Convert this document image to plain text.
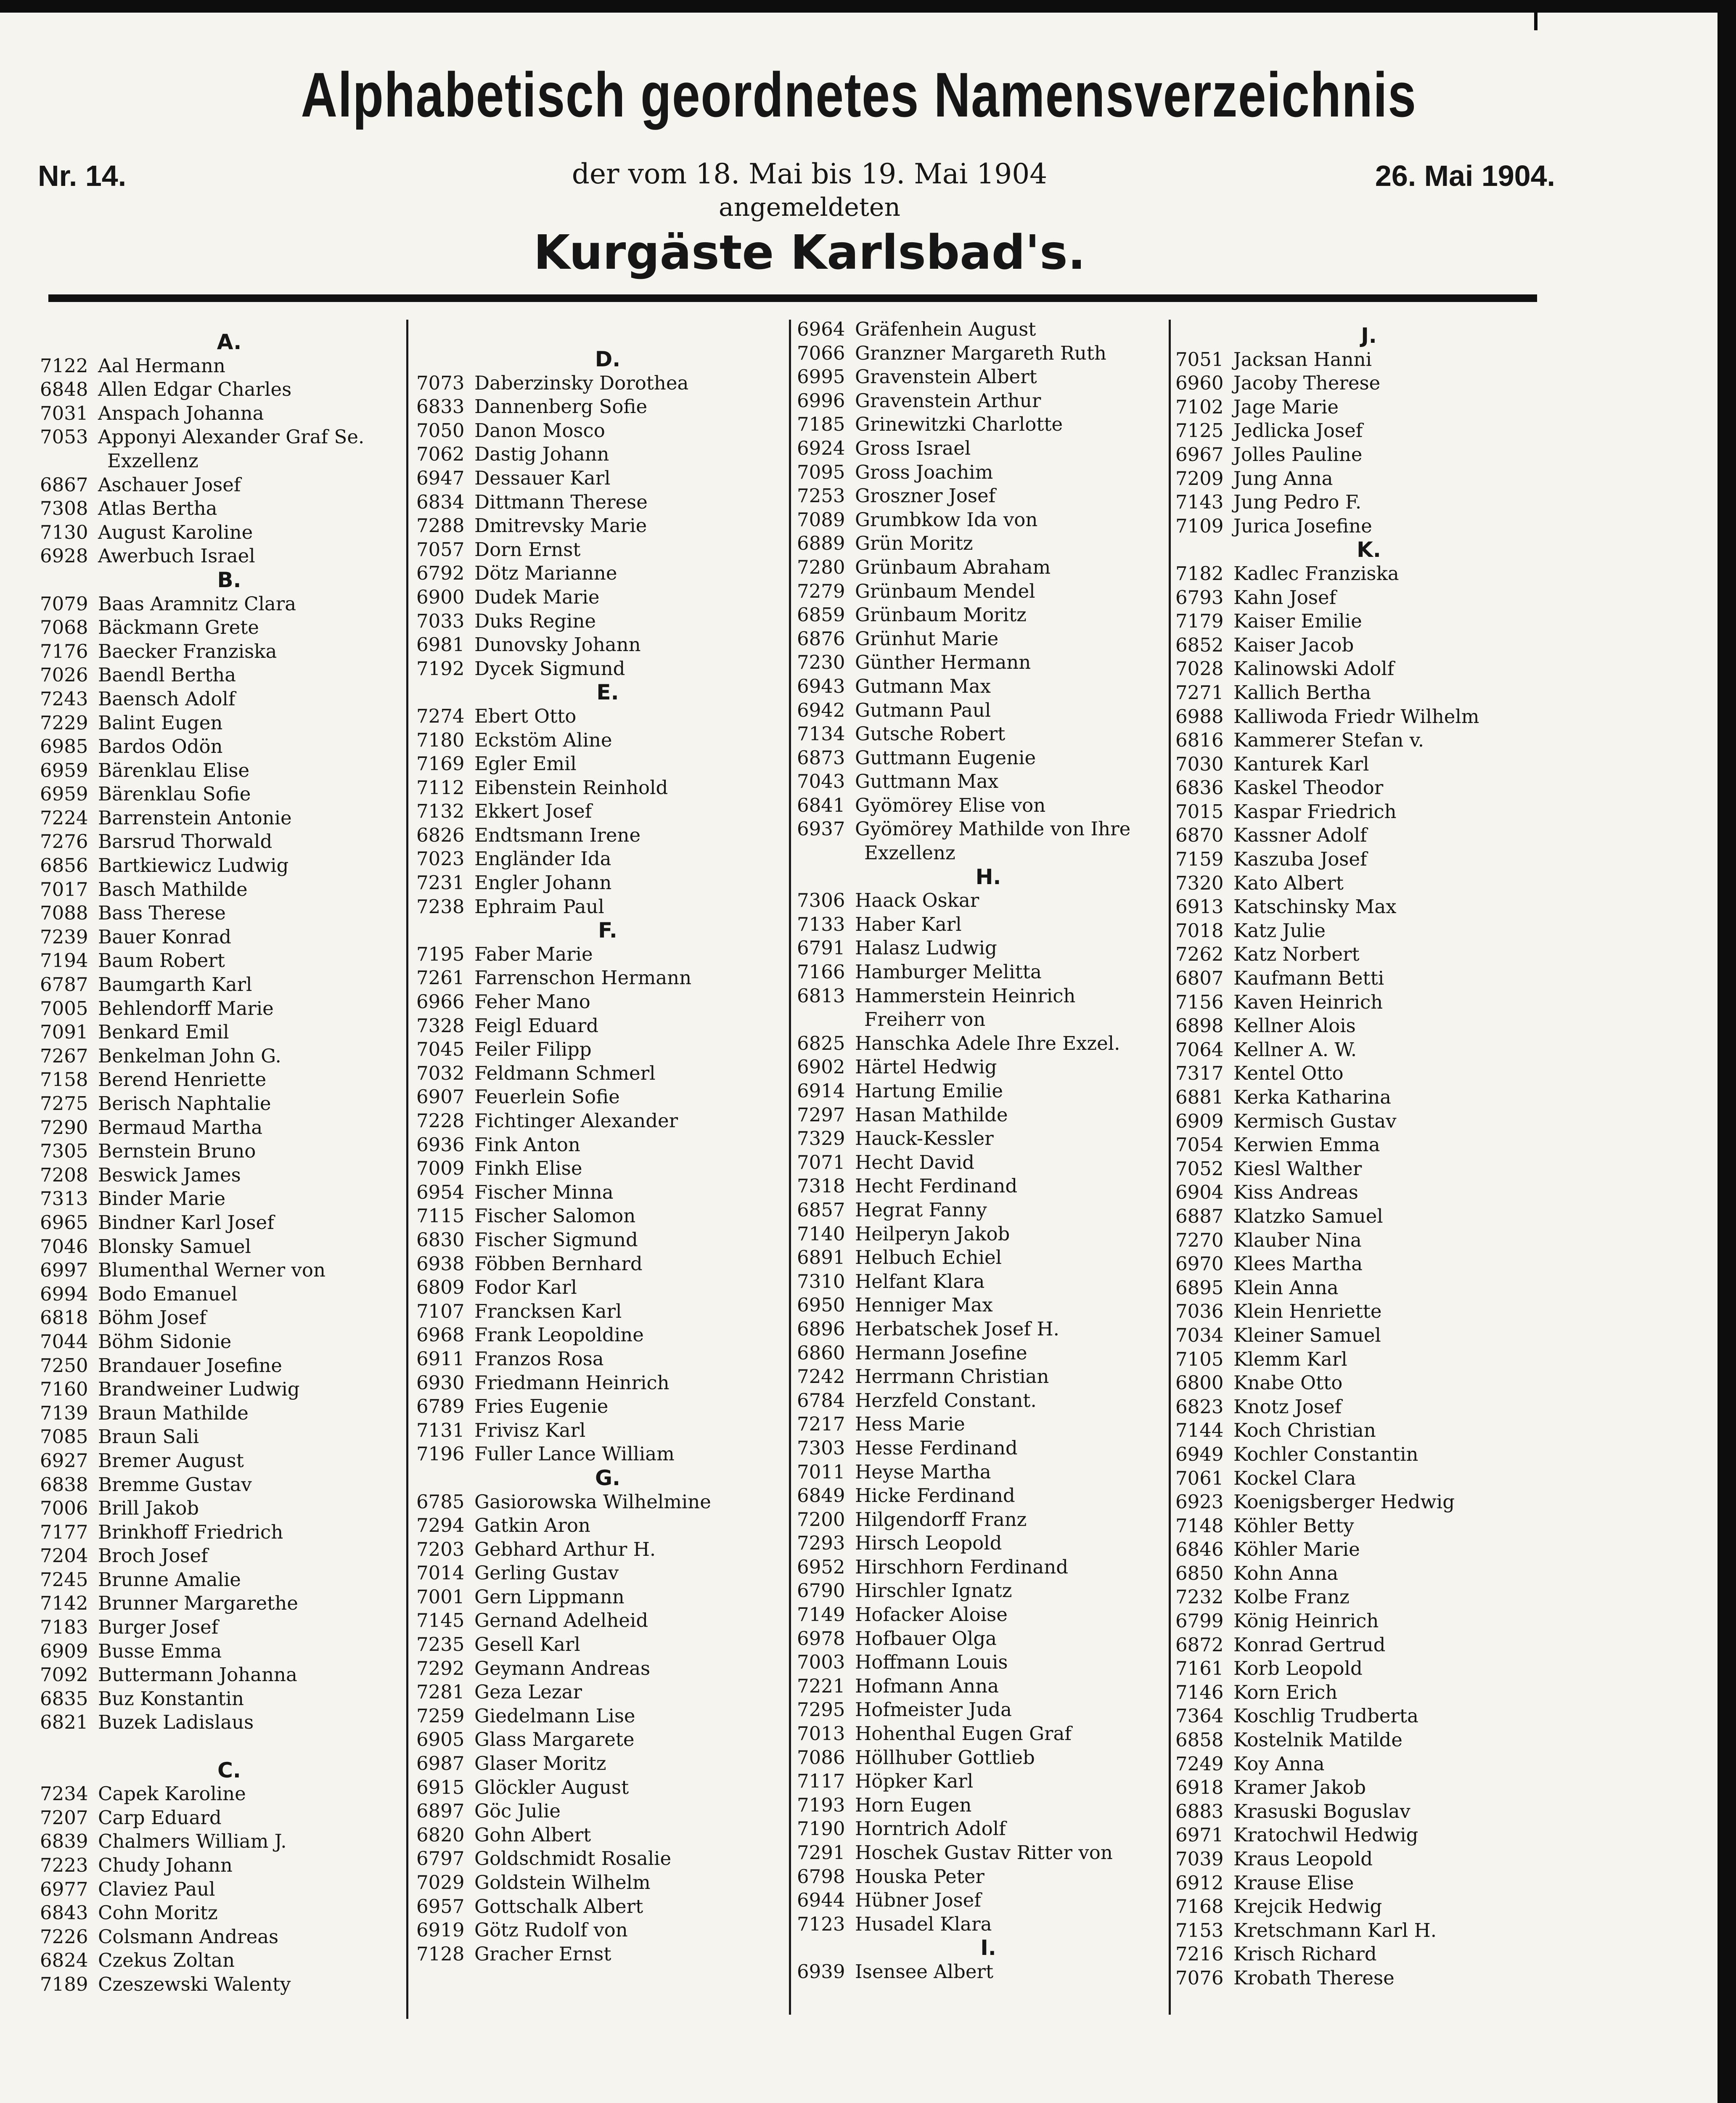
Alphabetisch geordnetes Namensverzeichnis
Nr. 14.	der vom 18. Mai bis 19. Mai 1904
angemeldeten
26. Mai 1904.
Kurgäste Karlsbad's.
A.
7122 Aal Hermann
6848 Allen Edgar Charles
7031 Anspach Johanna
7053 Apponyi Alexander Graf Se.
Exzellenz
6867 Aschauer Josef
7308 Atlas Bertha
7130 August Karoline
6928 Awerbuch Israel
B.
7079 Baas Aramnitz Clara
7068 Bäckmann Grete
7176 Baecker Franziska
7026 Baendl Bertha
7243 Baensch Adolf
7229 Balint Eugen
6985 Bardos Odön
6959 Bärenklau Elise
6959 Bärenklau Sofie
7224 Barrenstein Antonie
7276 Barsrud Thorwald
6856 Bartkiewicz Ludwig
7017 Basch Mathilde
7088 Bass Therese
7239 Bauer Konrad
7194 Baum Robert
6787 Baumgarth Karl
7005 Behlendorff Marie
7091 Benkard Emil
7267 Benkelman John G.
7158 Berend Henriette
7275 Berisch Naphtalie
7290 Bermaud Martha
7305 Bernstein Bruno
7208 Beswick James
7313 Binder Marie
6965 Bindner Karl Josef
7046 Blonsky Samuel
6997 Blumenthal Werner von
6994 Bodo Emanuel
6818 Böhm Josef
7044 Böhm Sidonie
7250 Brandauer Josefine
7160 Brandweiner Ludwig
7139 Braun Mathilde
7085 Braun Sali
6927 Bremer August
6838 Bremme Gustav
7006 Brill Jakob
7177 Brinkhoff Friedrich
7204 Broch Josef
7245 Brunne Amalie
7142 Brunner Margarethe
7183 Burger Josef
6909 Busse Emma
7092 Buttermann Johanna
6835 Buz Konstantin
6821 Buzek Ladislaus
C.
7234 Capek Karoline
7207 Carp Eduard
6839 Chalmers William J.
7223 Chudy Johann
6977 Claviez Paul
6843 Cohn Moritz
7226 Colsmann Andreas
6824 Czekus Zoltan
7189 Czeszewski Walenty
D.
7073 Daberzinsky Dorothea
6833 Dannenberg Sofie
7050 Danon Mosco
7062 Dastig Johann
6947 Dessauer Karl
6834 Dittmann Therese
7288 Dmitrevsky Marie
7057 Dorn Ernst
6792 Dötz Marianne
6900 Dudek Marie
7033 Duks Regine
6981 Dunovsky Johann
7192 Dycek Sigmund
E.
7274 Ebert Otto
7180 Eckstöm Aline
7169 Egler Emil
7112 Eibenstein Reinhold
7132 Ekkert Josef
6826 Endtsmann Irene
7023 Engländer Ida
7231 Engler Johann
7238 Ephraim Paul
F.
7195 Faber Marie
7261 Farrenschon Hermann
6966 Feher Mano
7328 Feigl Eduard
7045 Feiler Filipp
7032 Feldmann Schmerl
6907 Feuerlein Sofie
7228 Fichtinger Alexander
6936 Fink Anton
7009 Finkh Elise
6954 Fischer Minna
7115 Fischer Salomon
6830 Fischer Sigmund
6938 Föbben Bernhard
6809 Fodor Karl
7107 Francksen Karl
6968 Frank Leopoldine
6911 Franzos Rosa
6930 Friedmann Heinrich
6789 Fries Eugenie
7131 Frivisz Karl
7196 Fuller Lance William
G.
6785 Gasiorowska Wilhelmine
7294 Gatkin Aron
7203 Gebhard Arthur H.
7014 Gerling Gustav
7001 Gern Lippmann
7145 Gernand Adelheid
7235 Gesell Karl
7292 Geymann Andreas
7281 Geza Lezar
7259 Giedelmann Lise
6905 Glass Margarete
6987 Glaser Moritz
6915 Glöckler August
6897 Göc Julie
6820 Gohn Albert
6797 Goldschmidt Rosalie
7029 Goldstein Wilhelm
6957 Gottschalk Albert
6919 Götz Rudolf von
7128 Gracher Ernst
6964 Gräfenhein August
7066 Granzner Margareth Ruth
6995 Gravenstein Albert
6996 Gravenstein Arthur
7185 Grinewitzki Charlotte
6924 Gross Israel
7095 Gross Joachim
7253 Groszner Josef
7089 Grumbkow Ida von
6889 Grün Moritz
7280 Grünbaum Abraham
7279 Grünbaum Mendel
6859 Grünbaum Moritz
6876 Grünhut Marie
7230 Günther Hermann
6943 Gutmann Max
6942 Gutmann Paul
7134 Gutsche Robert
6873 Guttmann Eugenie
7043 Guttmann Max
6841 Gyömörey Elise von
6937 Gyömörey Mathilde von Ihre
Exzellenz
H.
7306 Haack Oskar
7133 Haber Karl
6791 Halasz Ludwig
7166 Hamburger Melitta
6813 Hammerstein Heinrich
Freiherr von
6825 Hanschka Adele Ihre Exzel.
6902 Härtel Hedwig
6914 Hartung Emilie
7297 Hasan Mathilde
7329 Hauck-Kessler
7071 Hecht David
7318 Hecht Ferdinand
6857 Hegrat Fanny
7140 Heilperyn Jakob
6891 Helbuch Echiel
7310 Helfant Klara
6950 Henniger Max
6896 Herbatschek Josef H.
6860 Hermann Josefine
7242 Herrmann Christian
6784 Herzfeld Constant.
7217 Hess Marie
7303 Hesse Ferdinand
7011 Heyse Martha
6849 Hicke Ferdinand
7200 Hilgendorff Franz
7293 Hirsch Leopold
6952 Hirschhorn Ferdinand
6790 Hirschler Ignatz
7149 Hofacker Aloise
6978 Hofbauer Olga
7003 Hoffmann Louis
7221 Hofmann Anna
7295 Hofmeister Juda
7013 Hohenthal Eugen Graf
7086 Höllhuber Gottlieb
7117 Höpker Karl
7193 Horn Eugen
7190 Horntrich Adolf
7291 Hoschek Gustav Ritter von
6798 Houska Peter
6944 Hübner Josef
7123 Husadel Klara
I.
6939 Isensee Albert
J.
7051 Jacksan Hanni
6960 Jacoby Therese
7102 Jage Marie
7125 Jedlicka Josef
6967 Jolles Pauline
7209 Jung Anna
7143 Jung Pedro F.
7109 Jurica Josefine
K.
7182 Kadlec Franziska
6793 Kahn Josef
7179 Kaiser Emilie
6852 Kaiser Jacob
7028 Kalinowski Adolf
7271 Kallich Bertha
6988 Kalliwoda Friedr Wilhelm
6816 Kammerer Stefan v.
7030 Kanturek Karl
6836 Kaskel Theodor
7015 Kaspar Friedrich
6870 Kassner Adolf
7159 Kaszuba Josef
7320 Kato Albert
6913 Katschinsky Max
7018 Katz Julie
7262 Katz Norbert
6807 Kaufmann Betti
7156 Kaven Heinrich
6898 Kellner Alois
7064 Kellner A. W.
7317 Kentel Otto
6881 Kerka Katharina
6909 Kermisch Gustav
7054 Kerwien Emma
7052 Kiesl Walther
6904 Kiss Andreas
6887 Klatzko Samuel
7270 Klauber Nina
6970 Klees Martha
6895 Klein Anna
7036 Klein Henriette
7034 Kleiner Samuel
7105 Klemm Karl
6800 Knabe Otto
6823 Knotz Josef
7144 Koch Christian
6949 Kochler Constantin
7061 Kockel Clara
6923 Koenigsberger Hedwig
7148 Köhler Betty
6846 Köhler Marie
6850 Kohn Anna
7232 Kolbe Franz
6799 König Heinrich
6872 Konrad Gertrud
7161 Korb Leopold
7146 Korn Erich
7364 Koschlig Trudberta
6858 Kostelnik Matilde
7249 Koy Anna
6918 Kramer Jakob
6883 Krasuski Boguslav
6971 Kratochwil Hedwig
7039 Kraus Leopold
6912 Krause Elise
7168 Krejcik Hedwig
7153 Kretschmann Karl H.
7216 Krisch Richard
7076 Krobath Therese
